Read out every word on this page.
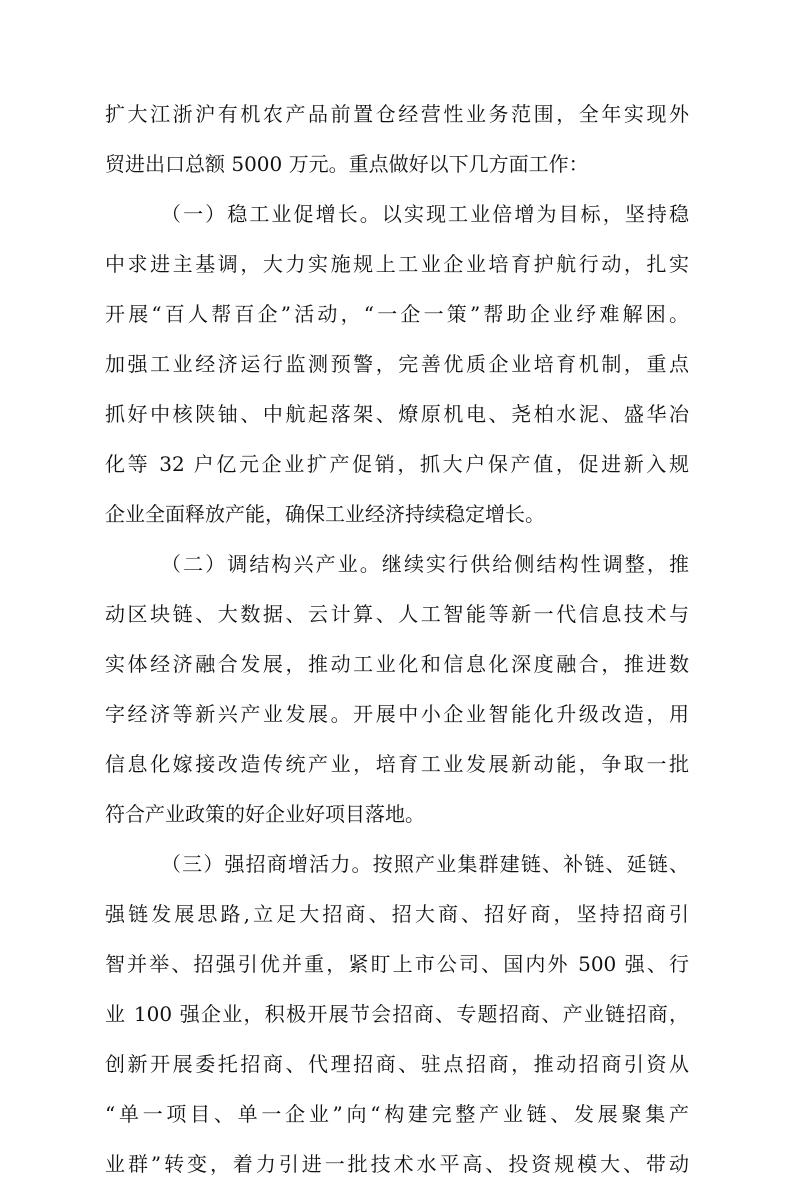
扩大江浙沪有机农产品前置仓经营性业务范围，全年实现外
贸进出口总额 5000 万元。重点做好以下几方面工作：
（一）稳工业促增长。以实现工业倍增为目标，坚持稳
中求进主基调，大力实施规上工业企业培育护航行动，扎实
开展“百人帮百企”活动，“一企一策”帮助企业纾难解困。
加强工业经济运行监测预警，完善优质企业培育机制，重点
抓好中核陕铀、中航起落架、燎原机电、尧柏水泥、盛华冶
化等 32 户亿元企业扩产促销，抓大户保产值，促进新入规
企业全面释放产能，确保工业经济持续稳定增长。
（二）调结构兴产业。继续实行供给侧结构性调整，推
动区块链、大数据、云计算、人工智能等新一代信息技术与
实体经济融合发展，推动工业化和信息化深度融合，推进数
字经济等新兴产业发展。开展中小企业智能化升级改造，用
信息化嫁接改造传统产业，培育工业发展新动能，争取一批
符合产业政策的好企业好项目落地。
（三）强招商增活力。按照产业集群建链、补链、延链、
强链发展思路,立足大招商、招大商、招好商，坚持招商引
智并举、招强引优并重，紧盯上市公司、国内外 500 强、行
业 100 强企业，积极开展节会招商、专题招商、产业链招商，
创新开展委托招商、代理招商、驻点招商，推动招商引资从
“单一项目、单一企业”向“构建完整产业链、发展聚集产
业群”转变，着力引进一批技术水平高、投资规模大、带动
